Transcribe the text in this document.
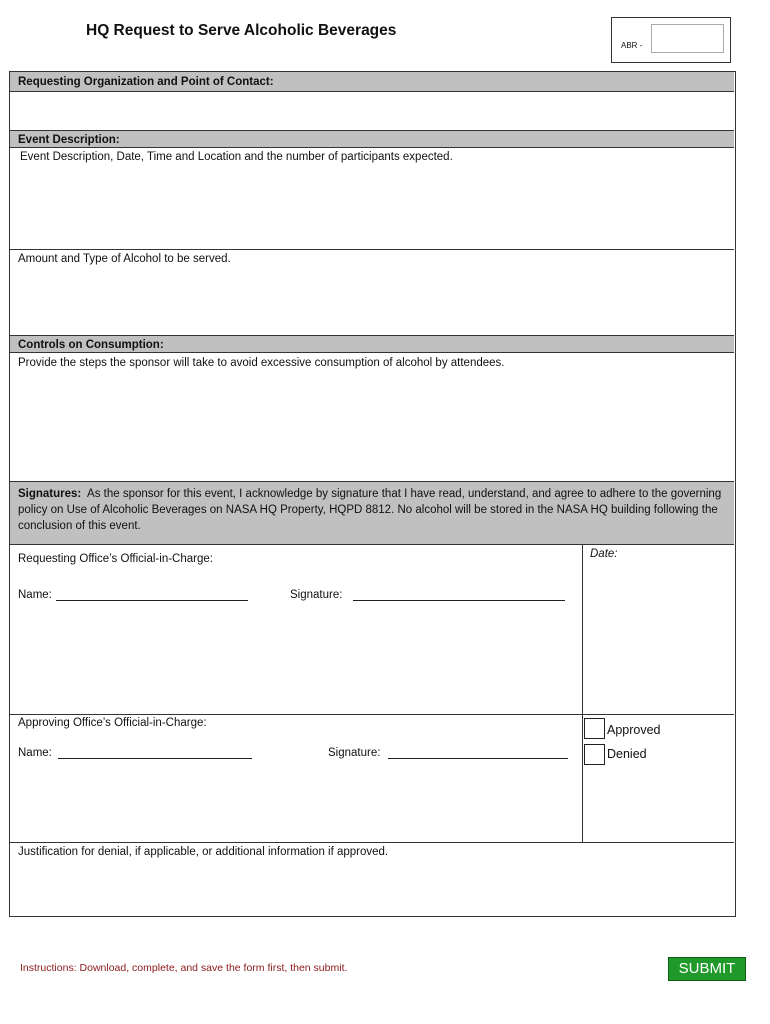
HQ Request to Serve Alcoholic Beverages
ABR -
Requesting Organization and Point of Contact:
Event Description:
Event Description, Date, Time and Location and the number of participants expected.
Amount and Type of Alcohol to be served.
Controls on Consumption:
Provide the steps the sponsor will take to avoid excessive consumption of alcohol by attendees.
Signatures: As the sponsor for this event, I acknowledge by signature that I have read, understand, and agree to adhere to the governing policy on Use of Alcoholic Beverages on NASA HQ Property, HQPD 8812. No alcohol will be stored in the NASA HQ building following the conclusion of this event.
Requesting Office’s Official-in-Charge:	Date:
Name:	Signature:
Approving Office’s Official-in-Charge:
Name:	Signature:
Approved
Denied
Justification for denial, if applicable, or additional information if approved.
Instructions: Download, complete, and save the form first, then submit.	SUBMIT
